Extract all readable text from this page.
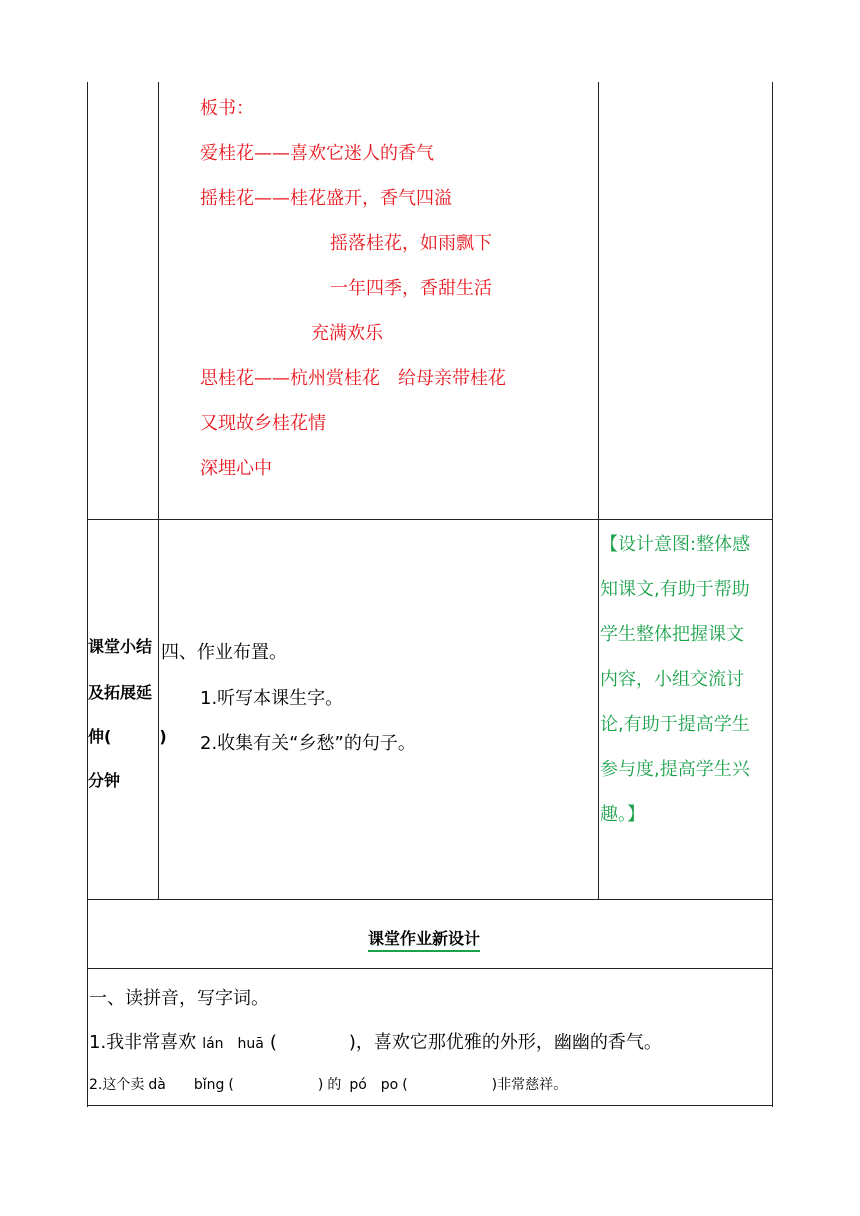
板书：
爱桂花——喜欢它迷人的香气
摇桂花——桂花盛开，香气四溢
摇落桂花，如雨飘下
一年四季，香甜生活
充满欢乐
思桂花——杭州赏桂花　给母亲带桂花
又现故乡桂花情
深埋心中
课堂小结
及拓展延
伸(　　　)
分钟
四、作业布置。
1.听写本课生字。
2.收集有关“乡愁”的句子。
【设计意图:整体感
知课文,有助于帮助
学生整体把握课文
内容，小组交流讨
论,有助于提高学生
参与度,提高学生兴
趣。】
课堂作业新设计
一、读拼音，写字词。
1.我非常喜欢 lán　huā (　　　　)，喜欢它那优雅的外形，幽幽的香气。
2.这个卖 dà　　bǐng (　　　　　　) 的 pó　po (　　　　　　)非常慈祥。
